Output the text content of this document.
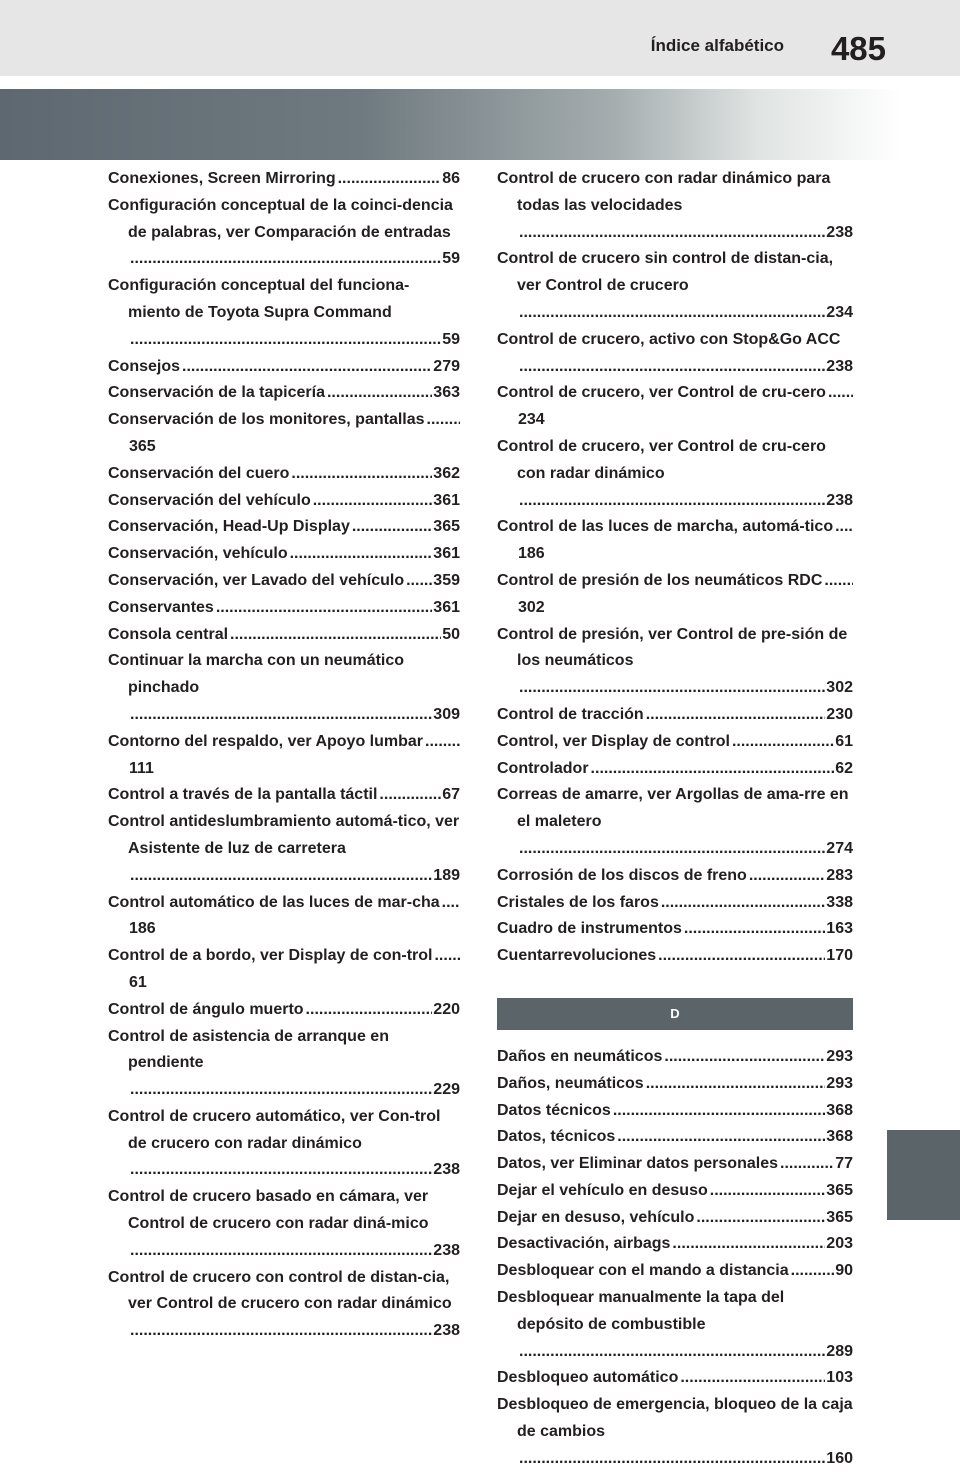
Índice alfabético 485

Conexiones, Screen Mirroring .....	86

Configuración conceptual de la coinci-dencia de palabras, ver Comparación de entradas
.....
59

Configuración conceptual del funciona-miento de Toyota Supra Command
.....
59

Consejos .....	279

Conservación de la tapicería .....	363

Conservación de los monitores, pantallas
.....
365

Conservación del cuero .....	362

Conservación del vehículo .....	361

Conservación, Head-Up Display .....	365

Conservación, vehículo .....	361

Conservación, ver Lavado del vehículo ..... 359

Conservantes .....	361

Consola central .....	50

Continuar la marcha con un neumático pinchado
.....
309

Contorno del respaldo, ver Apoyo lumbar
.....
111

Control a través de la pantalla táctil .....	67

Control antideslumbramiento automá-tico, ver Asistente de luz de carretera
.....
189

Control automático de las luces de mar-cha
.....
186

Control de a bordo, ver Display de con-trol
.....
61

Control de ángulo muerto .....	220

Control de asistencia de arranque en pendiente
.....
229

Control de crucero automático, ver Con-trol de crucero con radar dinámico
.....
238

Control de crucero basado en cámara, ver Control de crucero con radar diná-mico
.....
238

Control de crucero con control de distan-cia, ver Control de crucero con radar dinámico
.....
238

Control de crucero con radar dinámico para todas las velocidades
.....
238

Control de crucero sin control de distan-cia, ver Control de crucero
.....
234

Control de crucero, activo con Stop&Go ACC
.....
238

Control de crucero, ver Control de cru-cero
.....
234

Control de crucero, ver Control de cru-cero con radar dinámico
.....
238

Control de las luces de marcha, automá-tico
.....
186

Control de presión de los neumáticos RDC
.....
302

Control de presión, ver Control de pre-sión de los neumáticos
.....
302

Control de tracción .....	230

Control, ver Display de control .....	61

Controlador .....	62

Correas de amarre, ver Argollas de ama-rre en el maletero
.....
274

Corrosión de los discos de freno .....	283

Cristales de los faros .....	338

Cuadro de instrumentos .....	163

Cuentarrevoluciones .....	170

D

Daños en neumáticos .....	293

Daños, neumáticos .....	293

Datos técnicos .....	368

Datos, técnicos .....	368

Datos, ver Eliminar datos personales .....	77

Dejar el vehículo en desuso .....	365

Dejar en desuso, vehículo .....	365

Desactivación, airbags .....	203

Desbloquear con el mando a distancia .....	90

Desbloquear manualmente la tapa del depósito de combustible
.....
289

Desbloqueo automático .....	103

Desbloqueo de emergencia, bloqueo de la caja de cambios
.....
160
